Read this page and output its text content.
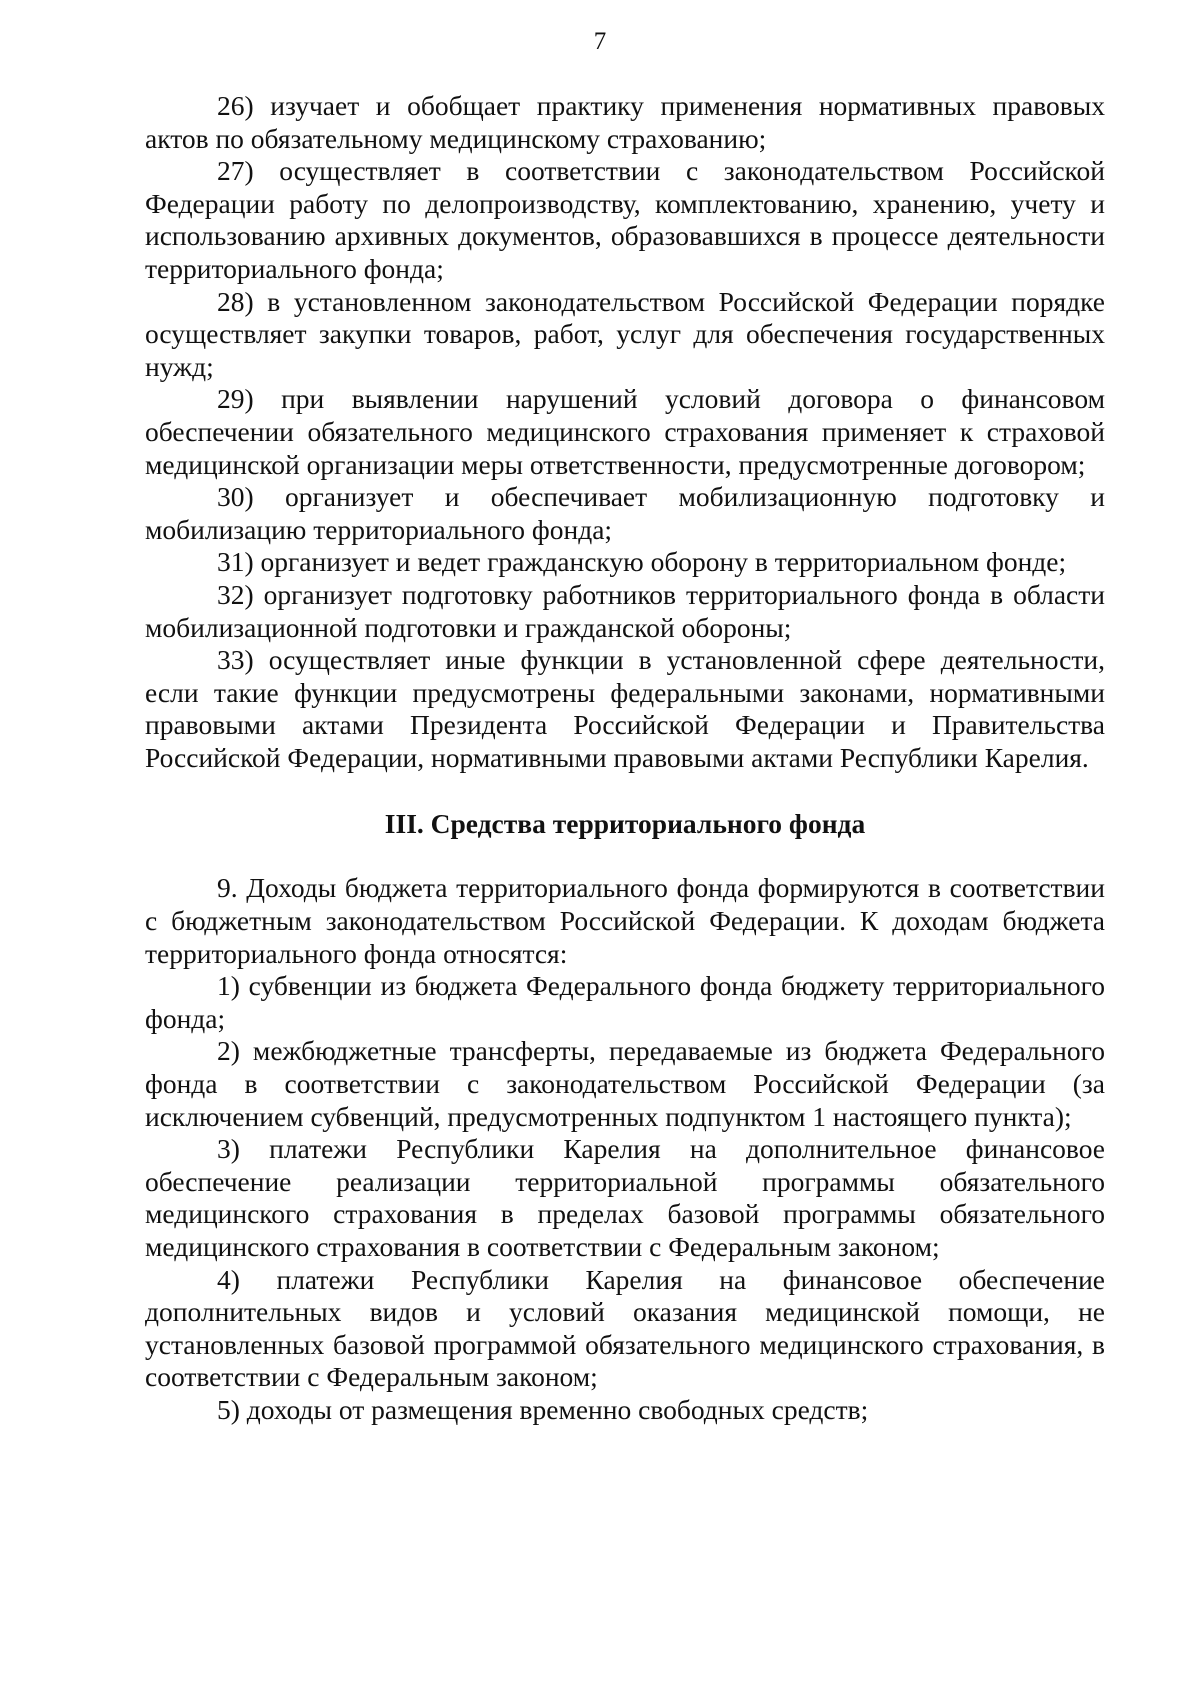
7

26) изучает и обобщает практику применения нормативных правовых актов по обязательному медицинскому страхованию;

27) осуществляет в соответствии с законодательством Российской Федерации работу по делопроизводству, комплектованию, хранению, учету и использованию архивных документов, образовавшихся в процессе деятельности территориального фонда;

28) в установленном законодательством Российской Федерации порядке осуществляет закупки товаров, работ, услуг для обеспечения государственных нужд;

29) при выявлении нарушений условий договора о финансовом обеспечении обязательного медицинского страхования применяет к страховой медицинской организации меры ответственности, предусмотренные договором;

30) организует и обеспечивает мобилизационную подготовку и мобилизацию территориального фонда;

31) организует и ведет гражданскую оборону в территориальном фонде;

32) организует подготовку работников территориального фонда в области мобилизационной подготовки и гражданской обороны;

33) осуществляет иные функции в установленной сфере деятельности, если такие функции предусмотрены федеральными законами, нормативными правовыми актами Президента Российской Федерации и Правительства Российской Федерации, нормативными правовыми актами Республики Карелия.

III. Средства территориального фонда

9. Доходы бюджета территориального фонда формируются в соответствии с бюджетным законодательством Российской Федерации. К доходам бюджета территориального фонда относятся:

1) субвенции из бюджета Федерального фонда бюджету территориального фонда;

2) межбюджетные трансферты, передаваемые из бюджета Федерального фонда в соответствии с законодательством Российской Федерации (за исключением субвенций, предусмотренных подпунктом 1 настоящего пункта);

3) платежи Республики Карелия на дополнительное финансовое обеспечение реализации территориальной программы обязательного медицинского страхования в пределах базовой программы обязательного медицинского страхования в соответствии с Федеральным законом;

4) платежи Республики Карелия на финансовое обеспечение дополнительных видов и условий оказания медицинской помощи, не установленных базовой программой обязательного медицинского страхования, в соответствии с Федеральным законом;

5) доходы от размещения временно свободных средств;
